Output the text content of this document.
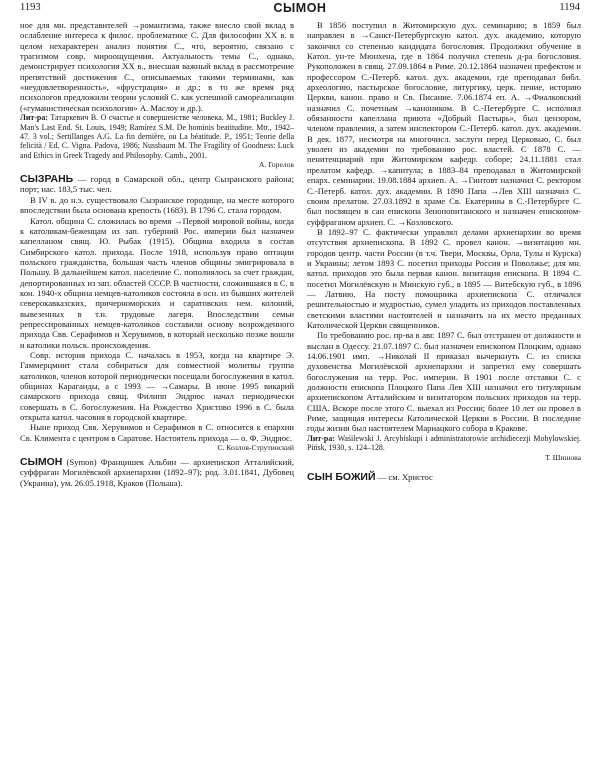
1193	СЫМОН	1194

ное для мн. представителей →романтизма, также внесло свой вклад в ослабление интереса к филос. проблематике С. Для философии XX в. в целом нехарактерен анализ понятия С., что, вероятно, связано с трагизмом совр. мироощущения. Актуальность темы С., однако, демонстрирует психология XX в., внесшая важный вклад в рассмотрение препятствий достижения С., описываемых такими терминами, как «неудовлетворенность», «фрустрация» и др.; в то же время ряд психологов предложили теории условий С. как успешной самореализации («гуманистическая психология» А. Маслоу и др.).

Лит-ра: Татаркевич В. О счастье и совершенстве человека. М., 1981; Buckley J. Man's Last End. St. Louis, 1949; Ramírez S.M. De hominis beatitudine. Mtr., 1942–47. 3 vol.; Sertillanges A.G. La fin dernière, ou La béatitude. P., 1951; Teorie della felicità / Ed. C. Vigna. Padova, 1986; Nussbaum M. The Fragility of Goodness: Luck and Ethics in Greek Tragedy and Philosophy. Camb., 2001.

А. Горелов

СЫЗРАНЬ — город в Самарской обл., центр Сызранского района; порт; нас. 183,5 тыс. чел.

В IV в. до н.э. существовало Сызранское городище, на месте которого впоследствии была основана крепость (1683). В 1796 С. стала городом.

Катол. община С. сложилась во время →Первой мировой войны, когда к католикам-беженцам из зап. губерний Рос. империи был назначен капелланом свящ. Ю. Рыбак (1915). Община входила в состав Симбирского катол. прихода. После 1918, используя право оптации польского гражданства, большая часть членов общины эмигрировала в Польшу. В дальнейшем катол. население С. пополнялось за счет граждан, депортированных из зап. областей СССР. В частности, сложившаяся в С. в кон. 1940-х община немцев-католиков состояла в осн. из бывших жителей северокавказских, причерноморских и саратовских нем. колоний, вывезенных в т.н. трудовые лагеря. Впоследствии семьи репрессированных немцев-католиков составили основу возрожденного прихода Свв. Серафимов и Херувимов, в который несколько позже вошли и католики польск. происхождения.

Совр. история прихода С. началась в 1953, когда на квартире Э. Гаммерцмиит стала собираться для совместной молитвы группа католиков, членов которой периодически посещали богослужения в катол. общинах Караганды, а с 1993 — →Самары. В июне 1995 викарий самарского прихода свящ. Филипп Эндрюс начал периодически совершать в С. богослужения. На Рождество Христово 1996 в С. была открыта катол. часовня в городской квартире.

Ныне приход Свв. Херувимов и Серафимов в С. относится к епархии Св. Климента с центром в Саратове. Настоятель прихода — о. Ф. Эндрюс.

С. Козлов-Струтинский

СЫМОН (Symon) Францишек Альбин — архиепископ Атталийский, суффраган Могилёвской архиепархии (1892–97); род. 3.01.1841, Дубовец (Украина), ум. 26.05.1918, Краков (Польша).

В 1856 поступил в Житомирскую дух. семинарию; в 1859 был направлен в →Санкт-Петербургскую катол. дух. академию, которую закончил со степенью кандидата богословия. Продолжил обучение в Катол. ун-те Мюнхена, где в 1864 получил степень д-ра богословия. Рукоположен в свящ. 27.09.1864 в Риме. 20.12.1864 назначен префектом и профессором С.-Петерб. катол. дух. академии, где преподавал библ. археологию, пастырское богословие, литургику, церк. пение, историю Церкви, канон. право и Св. Писание. 7.06.1874 еп. А. →Фиалковский назначил С. почетным →каноником. В С.-Петербурге С. исполнял обязанности капеллана приюта «Добрый Пастырь», был цензором, членом правления, а затем инспектором С.-Петерб. катол. дух. академии. В дек. 1877, несмотря на многочисл. заслуги перед Церковью, С. был уволен из академии по требованию рос. властей. С 1878 С. — пенитенциарий при Житомирском кафедр. соборе; 24.11.1881 стал прелатом кафедр. →капитула; в 1883–84 преподавал в Житомирской епарх. семинарии. 19.08.1884 архиеп. А. →Гинтовт назначил С. ректором С.-Петерб. катол. дух. академии. В 1890 Папа →Лев XIII назначил С. своим прелатом. 27.03.1892 в храме Св. Екатерины в С.-Петербурге С. был посвящен в сан епископа Зенопопитанского и назначен епископом-суффраганом архиеп. С. →Козловского.

В 1892–97 С. фактически управлял делами архиепархии во время отсутствия архиепископа. В 1892 С. провел канон. →визитацию мн. городов центр. части России (в т.ч. Твери, Москвы, Орла, Тулы и Курска) и Украины; летом 1893 С. посетил приходы Россия и Поволжье; для мн. катол. приходов это была первая канон. визитация епископа. В 1894 С. посетил Могилёвскую и Минскую губ., в 1895 — Витебскую губ., в 1896 — Латвию. На посту помощника архиепископа С. отличался решительностью и мудростью, сумел уладить из приходов поставленных светскими властями настоятелей и назначить на их место преданных Католической Церкви священников.

По требованию рос. пр-ва в авг. 1897 С. был отстранен от должности и выслан в Одессу. 21.07.1897 С. был назначен епископом Плоцким, однако 14.06.1901 имп. →Николай II приказал вычеркнуть С. из списка духовенства Могилёвской архиепархии и запретил ему совершать богослужения на терр. Рос. империи. В 1901 после отставки С. с должности епископа Плоцкого Папа Лев XIII назначил его титулярным архиепископом Атталийским и визитатором польских приходов на терр. США. Вскоре после этого С. выехал из России; более 10 лет он провел в Риме, защищая интересы Католической Церкви в России. В последние годы жизни был настоятелем Мариацкого собора в Кракове.

Лит-ра: Waśilewski J. Arcybiskupi i administratorowie archidiecezji Mohylowskiej. Pińsk, 1930, s. 124–128.

Т. Шишова

СЫН БОЖИЙ — см. Христос
